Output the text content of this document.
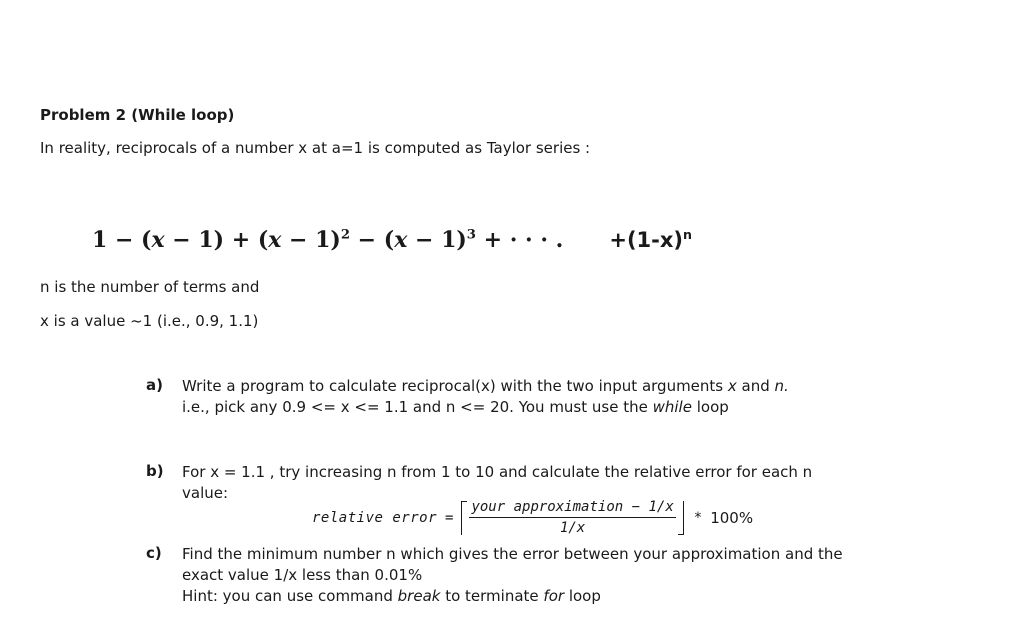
Problem 2 (While loop)
In reality, reciprocals of a number x at a=1 is computed as Taylor series :
$1 - (x - 1) + (x - 1)^2 - (x - 1)^3$ + · · · . $+(1-x)^n$
n is the number of terms and
x is a value ~1 (i.e., 0.9, 1.1)
a) Write a program to calculate reciprocal(x) with the two input arguments x and n.
i.e., pick any 0.9 <= x <= 1.1 and n <= 20. You must use the while loop
b) For x = 1.1 , try increasing n from 1 to 10 and calculate the relative error for each n
value:
relative error = $\frac{\text{your approximation − 1/x}}{1/x} * 100\%$
c) Find the minimum number n which gives the error between your approximation and the
exact value 1/x less than 0.01%
Hint: you can use command break to terminate for loop
